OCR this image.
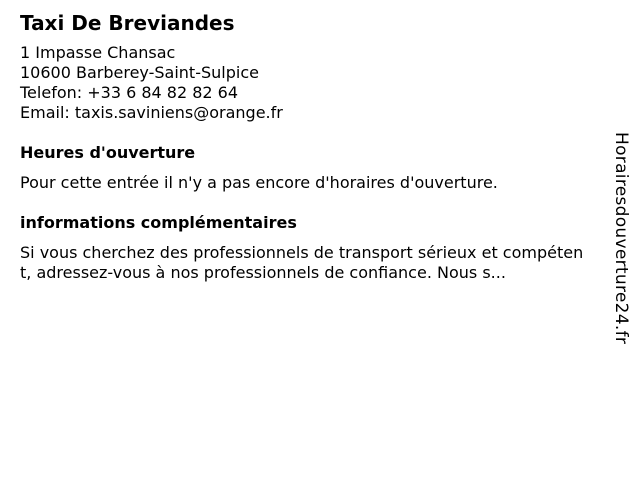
Taxi De Breviandes
1 Impasse Chansac
10600 Barberey-Saint-Sulpice
Telefon: +33 6 84 82 82 64
Email: taxis.saviniens@orange.fr
Heures d'ouverture
Pour cette entrée il n'y a pas encore d'horaires d'ouverture.
informations complémentaires
Si vous cherchez des professionnels de transport sérieux et compétent, adressez-vous à nos professionnels de confiance. Nous s...	Horairesdouverture24.fr
